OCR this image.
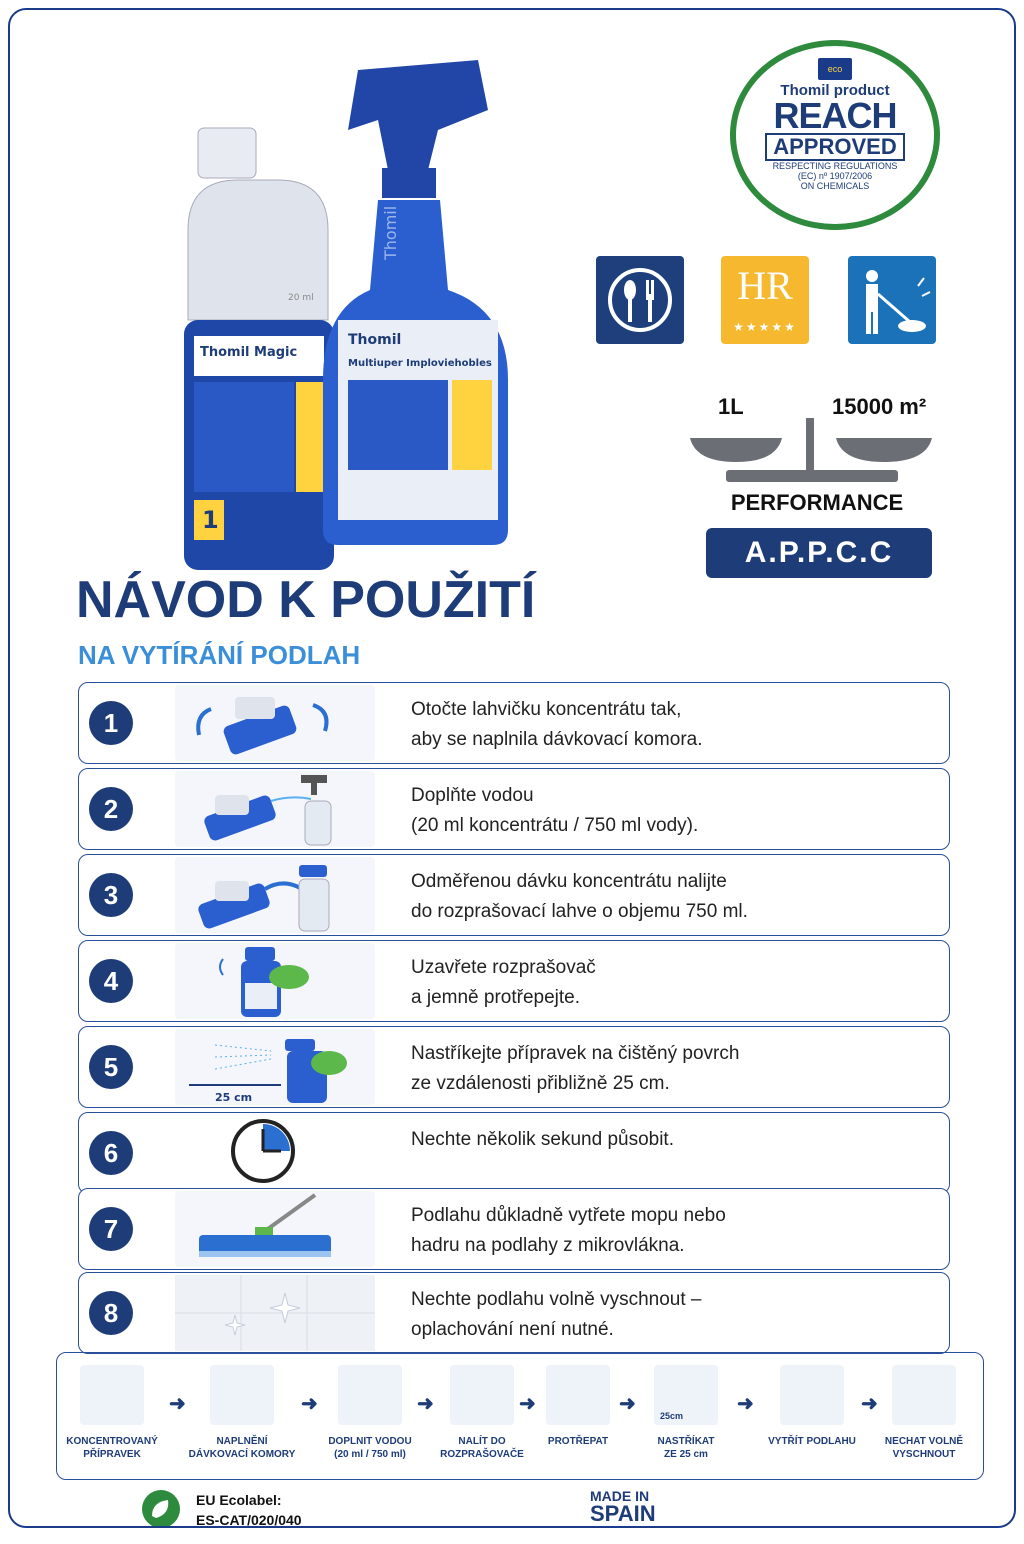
20 ml
Thomil Magic
1
Thomil
Thomil
Multiuper Imploviehobles
eco
Thomil product
REACH
APPROVED
RESPECTING REGULATIONS
(EC) nº 1907/2006
ON CHEMICALS
HR
★★★★★
1L	15000 m²
PERFORMANCE
A.P.P.C.C
NÁVOD K POUŽITÍ
NA VYTÍRÁNÍ PODLAH
1	Otočte lahvičku koncentrátu tak,
aby se naplnila dávkovací komora.
2	Doplňte vodou
(20 ml koncentrátu / 750 ml vody).
3	Odměřenou dávku koncentrátu nalijte
do rozprašovací lahve o objemu 750 ml.
4	Uzavřete rozprašovač
a jemně protřepejte.
5
25 cm
Nastříkejte přípravek na čištěný povrch
ze vzdálenosti přibližně 25 cm.
6	Nechte několik sekund působit.
7	Podlahu důkladně vytřete mopu nebo
hadru na podlahy z mikrovlákna.
8	Nechte podlahu volně vyschnout –
oplachování není nutné.
KONCENTROVANÝ
PŘÍPRAVEK
➜
NAPLNĚNÍ
DÁVKOVACÍ KOMORY
➜
DOPLNIT VODOU
(20 ml / 750 ml)
➜
NALÍT DO
ROZPRAŠOVAČE
➜
PROTŘEPAT
➜
25cm
NASTŘÍKAT
ZE 25 cm
➜
VYTŘÍT PODLAHU
➜
NECHAT VOLNĚ
VYSCHNOUT
EU Ecolabel:
ES-CAT/020/040
MADE IN
SPAIN
